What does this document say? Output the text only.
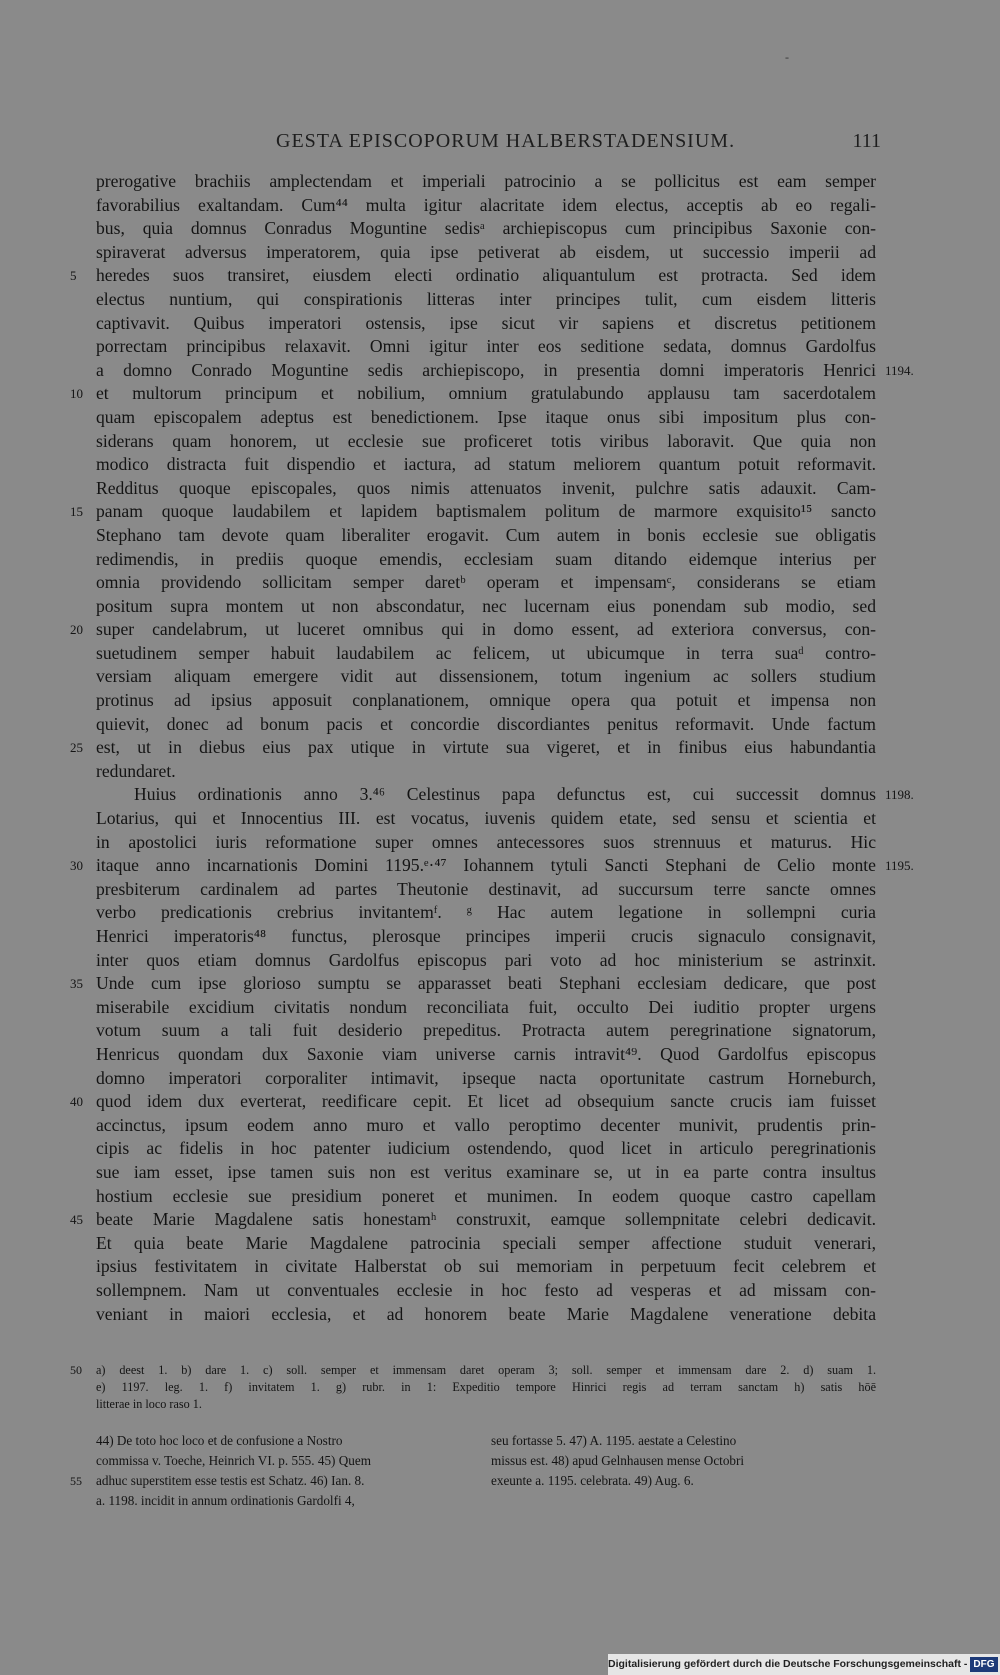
-
GESTA EPISCOPORUM HALBERSTADENSIUM.	111
prerogative brachiis amplectendam et imperiali patrocinio a se pollicitus est eam semper
favorabilius exaltandam. Cum⁴⁴ multa igitur alacritate idem electus, acceptis ab eo regali-
bus, quia domnus Conradus Moguntine sedisᵃ archiepiscopus cum principibus Saxonie con-
spiraverat adversus imperatorem, quia ipse petiverat ab eisdem, ut successio imperii ad
heredes suos transiret, eiusdem electi ordinatio aliquantulum est protracta. Sed idem
5
electus nuntium, qui conspirationis litteras inter principes tulit, cum eisdem litteris
captivavit. Quibus imperatori ostensis, ipse sicut vir sapiens et discretus petitionem
porrectam principibus relaxavit. Omni igitur inter eos seditione sedata, domnus Gardolfus
a domno Conrado Moguntine sedis archiepiscopo, in presentia domni imperatoris Henrici 1194.
et multorum principum et nobilium, omnium gratulabundo applausu tam sacerdotalem
10
quam episcopalem adeptus est benedictionem. Ipse itaque onus sibi impositum plus con-
siderans quam honorem, ut ecclesie sue proficeret totis viribus laboravit. Que quia non
modico distracta fuit dispendio et iactura, ad statum meliorem quantum potuit reformavit.
Redditus quoque episcopales, quos nimis attenuatos invenit, pulchre satis adauxit. Cam-
panam quoque laudabilem et lapidem baptismalem politum de marmore exquisito¹⁵ sancto
15
Stephano tam devote quam liberaliter erogavit. Cum autem in bonis ecclesie sue obligatis
redimendis, in prediis quoque emendis, ecclesiam suam ditando eidemque interius per
omnia providendo sollicitam semper daretᵇ operam et impensamᶜ, considerans se etiam
positum supra montem ut non abscondatur, nec lucernam eius ponendam sub modio, sed
super candelabrum, ut luceret omnibus qui in domo essent, ad exteriora conversus, con-
20
suetudinem semper habuit laudabilem ac felicem, ut ubicumque in terra suaᵈ contro-
versiam aliquam emergere vidit aut dissensionem, totum ingenium ac sollers studium
protinus ad ipsius apposuit conplanationem, omnique opera qua potuit et impensa non
quievit, donec ad bonum pacis et concordie discordiantes penitus reformavit. Unde factum
est, ut in diebus eius pax utique in virtute sua vigeret, et in finibus eius habundantia
25
redundaret.
Huius ordinationis anno 3.⁴⁶ Celestinus papa defunctus est, cui successit domnus 1198.
Lotarius, qui et Innocentius III. est vocatus, iuvenis quidem etate, sed sensu et scientia et
in apostolici iuris reformatione super omnes antecessores suos strennuus et maturus. Hic
itaque anno incarnationis Domini 1195.ᵉ·⁴⁷ Iohannem tytuli Sancti Stephani de Celio monte
30	1195.
presbiterum cardinalem ad partes Theutonie destinavit, ad succursum terre sancte omnes
verbo predicationis crebrius invitantemᶠ. ᵍ Hac autem legatione in sollempni curia
Henrici imperatoris⁴⁸ functus, plerosque principes imperii crucis signaculo consignavit,
inter quos etiam domnus Gardolfus episcopus pari voto ad hoc ministerium se astrinxit.
Unde cum ipse glorioso sumptu se apparasset beati Stephani ecclesiam dedicare, que post
35
miserabile excidium civitatis nondum reconciliata fuit, occulto Dei iuditio propter urgens
votum suum a tali fuit desiderio prepeditus. Protracta autem peregrinatione signatorum,
Henricus quondam dux Saxonie viam universe carnis intravit⁴⁹. Quod Gardolfus episcopus
domno imperatori corporaliter intimavit, ipseque nacta oportunitate castrum Horneburch,
quod idem dux everterat, reedificare cepit. Et licet ad obsequium sancte crucis iam fuisset
40
accinctus, ipsum eodem anno muro et vallo peroptimo decenter munivit, prudentis prin-
cipis ac fidelis in hoc patenter iudicium ostendendo, quod licet in articulo peregrinationis
sue iam esset, ipse tamen suis non est veritus examinare se, ut in ea parte contra insultus
hostium ecclesie sue presidium poneret et munimen. In eodem quoque castro capellam
beate Marie Magdalene satis honestamʰ construxit, eamque sollempnitate celebri dedicavit.
45
Et quia beate Marie Magdalene patrocinia speciali semper affectione studuit venerari,
ipsius festivitatem in civitate Halberstat ob sui memoriam in perpetuum fecit celebrem et
sollempnem. Nam ut conventuales ecclesie in hoc festo ad vesperas et ad missam con-
veniant in maiori ecclesia, et ad honorem beate Marie Magdalene veneratione debita
a) deest 1. b) dare 1. c) soll. semper et immensam daret operam 3; soll. semper et immensam dare 2. d) suam 1.
50
e) 1197. leg. 1. f) invitatem 1. g) rubr. in 1: Expeditio tempore Hinrici regis ad terram sanctam h) satis hōē
litterae in loco raso 1.
44) De toto hoc loco et de confusione a Nostro	seu fortasse 5. 47) A. 1195. aestate a Celestino
commissa v. Toeche, Heinrich VI. p. 555. 45) Quem	missus est. 48) apud Gelnhausen mense Octobri
adhuc superstitem esse testis est Schatz. 46) Ian. 8.	exeunte a. 1195. celebrata. 49) Aug. 6.
55
a. 1198. incidit in annum ordinationis Gardolfi 4,
Digitalisierung gefördert durch die Deutsche Forschungsgemeinschaft - DFG
